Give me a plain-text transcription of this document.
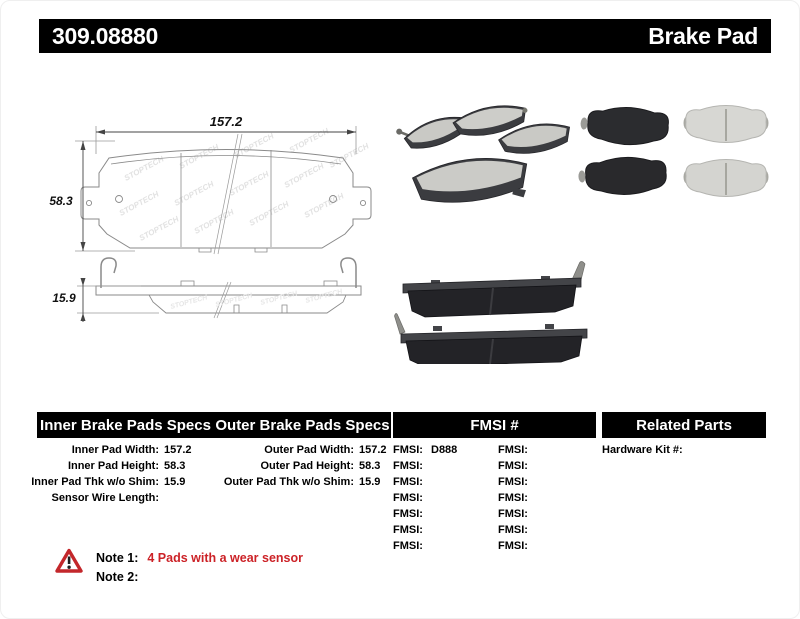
309.08880	Brake Pad
STOPTECH STOPTECH STOPTECH STOPTECH
STOPTECH
STOPTECH STOPTECH STOPTECH STOPTECH
STOPTECH STOPTECH STOPTECH STOPTECH
157.2
58.3
STOPTECH STOPTECH STOPTECH STOPTECH
15.9
Inner Brake Pads Specs Outer Brake Pads Specs	FMSI #	Related Parts
Inner Pad Width: 157.2
Inner Pad Height: 58.3
Inner Pad Thk w/o Shim: 15.9
Sensor Wire Length:
Outer Pad Width: 157.2
Outer Pad Height: 58.3
Outer Pad Thk w/o Shim: 15.9
FMSI: D888
FMSI:
FMSI:
FMSI:
FMSI:
FMSI:
FMSI:
FMSI:
FMSI:
FMSI:
FMSI:
FMSI:
FMSI:
FMSI:
Hardware Kit #:
Note 1: 4 Pads with a wear sensor
Note 2:
